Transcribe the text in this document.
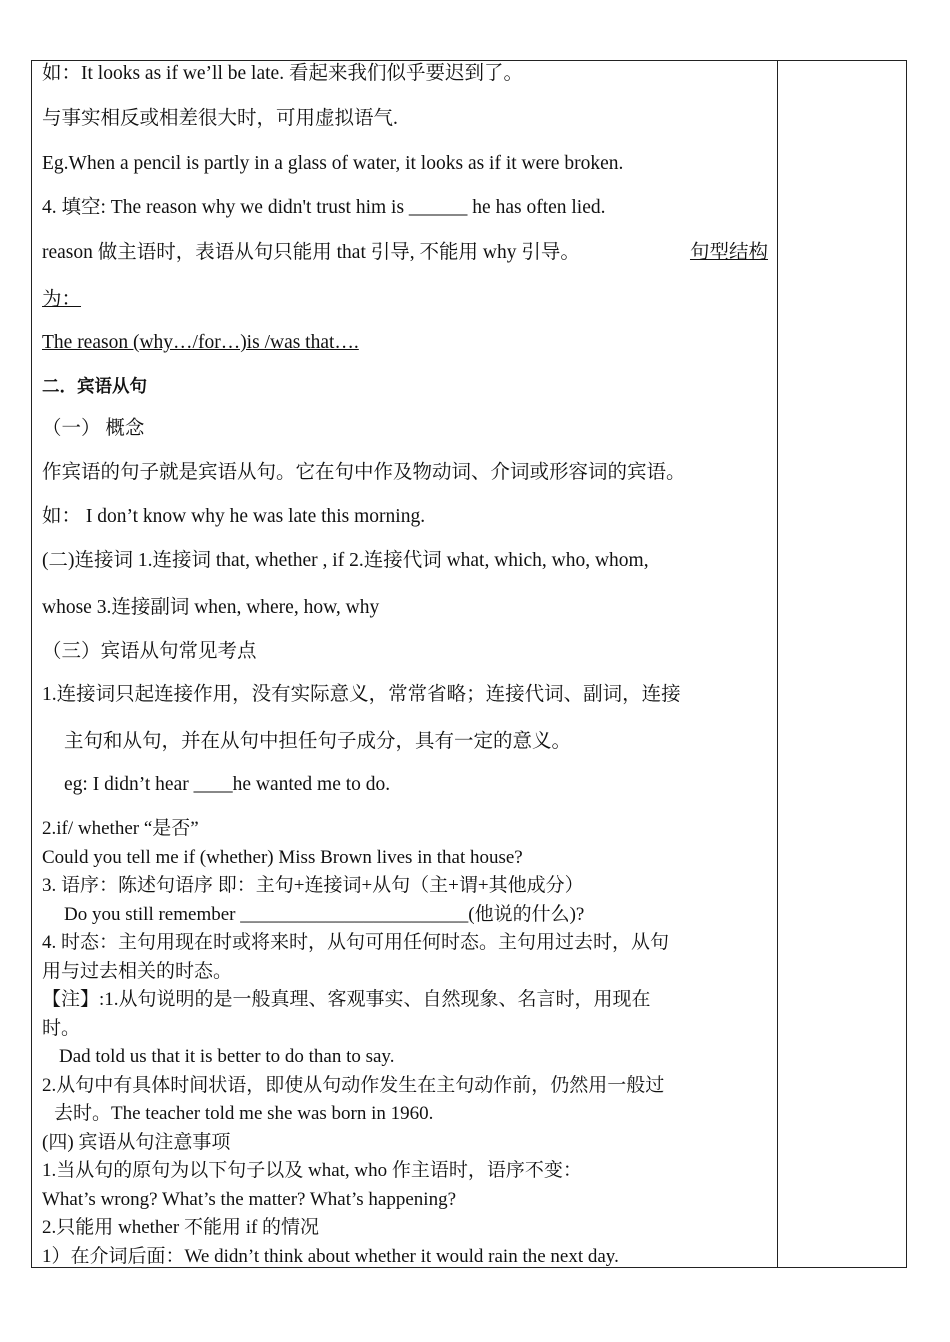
如：It looks as if we’ll be late. 看起来我们似乎要迟到了。
与事实相反或相差很大时，可用虚拟语气.
Eg.When a pencil is partly in a glass of water, it looks as if it were broken.
4. 填空: The reason why we didn't trust him is ______ he has often lied.
reason 做主语时，表语从句只能用 that 引导, 不能用 why 引导。	句型结构
为：
The reason (why…/for…)is /was that….
二．宾语从句
（一） 概念
作宾语的句子就是宾语从句。它在句中作及物动词、介词或形容词的宾语。
如： I don’t know why he was late this morning.
(二)连接词 1.连接词 that, whether , if 2.连接代词 what, which, who, whom,
whose 3.连接副词 when, where, how, why
（三）宾语从句常见考点
1.连接词只起连接作用，没有实际意义，常常省略；连接代词、副词，连接
主句和从句，并在从句中担任句子成分，具有一定的意义。
eg: I didn’t hear ____he wanted me to do.
2.if/ whether “是否”
Could you tell me if (whether) Miss Brown lives in that house?
3. 语序：陈述句语序 即：主句+连接词+从句（主+谓+其他成分）
Do you still remember ________________________(他说的什么)?
4. 时态：主句用现在时或将来时，从句可用任何时态。主句用过去时，从句
用与过去相关的时态。
【注】:1.从句说明的是一般真理、客观事实、自然现象、名言时，用现在
时。
Dad told us that it is better to do than to say.
2.从句中有具体时间状语，即使从句动作发生在主句动作前，仍然用一般过
去时。The teacher told me she was born in 1960.
(四) 宾语从句注意事项
1.当从句的原句为以下句子以及 what, who 作主语时，语序不变：
What’s wrong? What’s the matter? What’s happening?
2.只能用 whether 不能用 if 的情况
1）在介词后面：We didn’t think about whether it would rain the next day.
